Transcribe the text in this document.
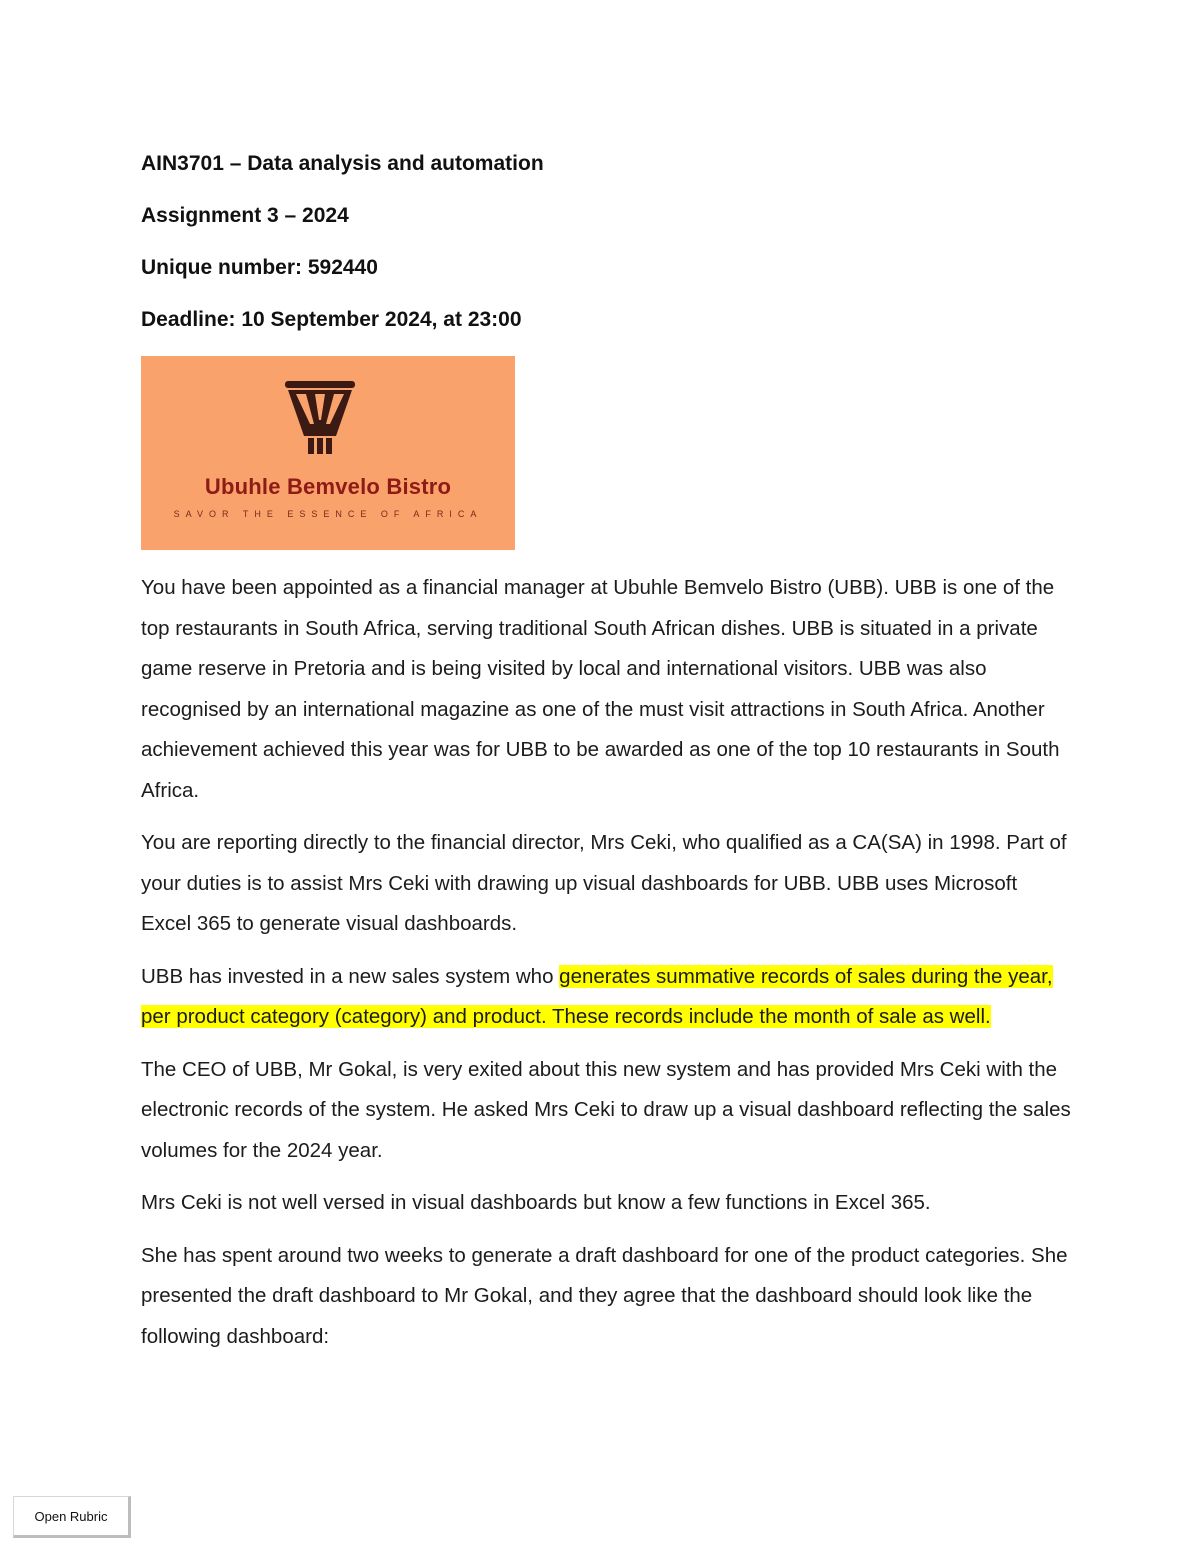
AIN3701 – Data analysis and automation
Assignment 3 – 2024
Unique number: 592440
Deadline: 10 September 2024, at 23:00
Ubuhle Bemvelo Bistro
SAVOR THE ESSENCE OF AFRICA

You have been appointed as a financial manager at Ubuhle Bemvelo Bistro (UBB). UBB is one of the top restaurants in South Africa, serving traditional South African dishes. UBB is situated in a private game reserve in Pretoria and is being visited by local and international visitors. UBB was also recognised by an international magazine as one of the must visit attractions in South Africa. Another achievement achieved this year was for UBB to be awarded as one of the top 10 restaurants in South Africa.

You are reporting directly to the financial director, Mrs Ceki, who qualified as a CA(SA) in 1998. Part of your duties is to assist Mrs Ceki with drawing up visual dashboards for UBB. UBB uses Microsoft Excel 365 to generate visual dashboards.

UBB has invested in a new sales system who generates summative records of sales during the year, per product category (category) and product. These records include the month of sale as well.

The CEO of UBB, Mr Gokal, is very exited about this new system and has provided Mrs Ceki with the electronic records of the system. He asked Mrs Ceki to draw up a visual dashboard reflecting the sales volumes for the 2024 year.

Mrs Ceki is not well versed in visual dashboards but know a few functions in Excel 365.

She has spent around two weeks to generate a draft dashboard for one of the product categories. She presented the draft dashboard to Mr Gokal, and they agree that the dashboard should look like the following dashboard:

Open Rubric
